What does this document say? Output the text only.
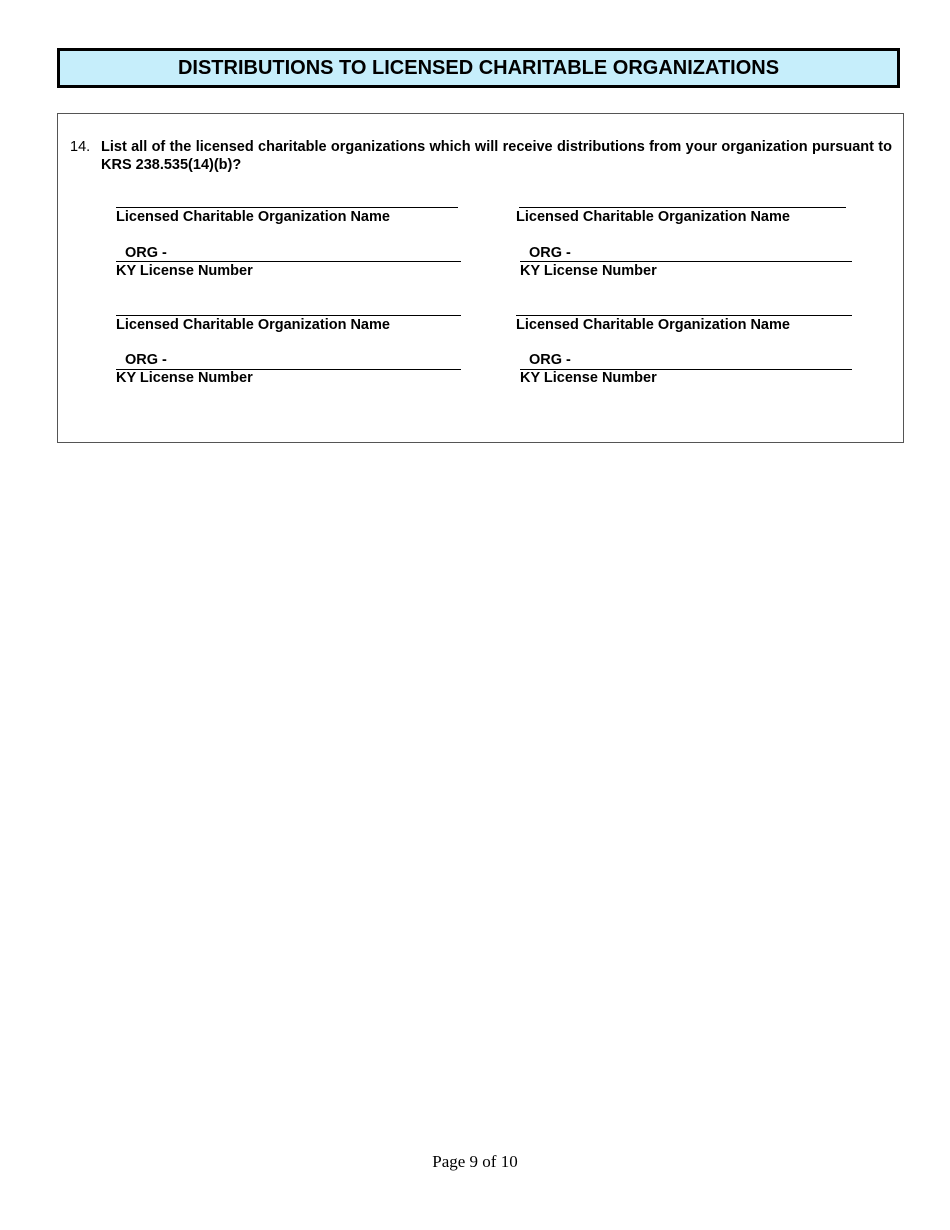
DISTRIBUTIONS TO LICENSED CHARITABLE ORGANIZATIONS
14. List all of the licensed charitable organizations which will receive distributions from your organization pursuant to KRS 238.535(14)(b)?
Licensed Charitable Organization Name
ORG -
KY License Number
Licensed Charitable Organization Name
ORG -
KY License Number
Licensed Charitable Organization Name
ORG -
KY License Number
Licensed Charitable Organization Name
ORG -
KY License Number
Page 9 of 10
